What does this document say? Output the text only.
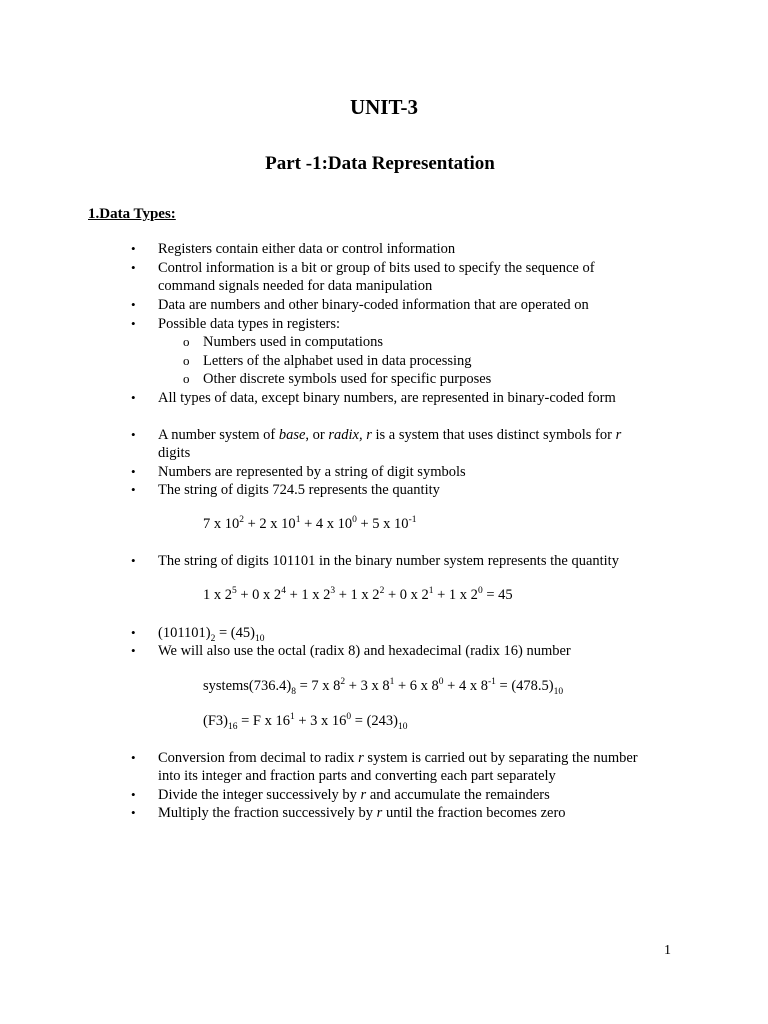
UNIT-3
Part -1:Data Representation
1.Data Types:
•	Registers contain either data or control information
•	Control information is a bit or group of bits used to specify the sequence of command signals needed for data manipulation
•	Data are numbers and other binary-coded information that are operated on
•	Possible data types in registers:
o Numbers used in computations
o Letters of the alphabet used in data processing
o Other discrete symbols used for specific purposes
•	All types of data, except binary numbers, are represented in binary-coded form
•	A number system of base, or radix, r is a system that uses distinct symbols for r digits
•	Numbers are represented by a string of digit symbols
•	The string of digits 724.5 represents the quantity
7 x $10^2 + 2$ x $10^1 + 4$ x $10^0 + 5$ x $10^{-1}$
•	The string of digits 101101 in the binary number system represents the quantity
1 x $2^5 + 0$ x $2^4 + 1$ x $2^3 + 1$ x $2^2 + 0$ x $2^1 + 1$ x $2^0 = 45$
•	$(101101)_2 = (45)_{10}$
•	We will also use the octal (radix 8) and hexadecimal (radix 16) number
$systems(736.4)_8 = 7$ x $8^2 + 3$ x $8^1 + 6$ x $8^0 + 4$ x $8^{-1} = (478.5)_{10}$
$(F3)_{16} = F$ x $16^1 + 3$ x $16^0 = (243)_{10}$
•	Conversion from decimal to radix r system is carried out by separating the number into its integer and fraction parts and converting each part separately
•	Divide the integer successively by r and accumulate the remainders
•	Multiply the fraction successively by r until the fraction becomes zero
1
